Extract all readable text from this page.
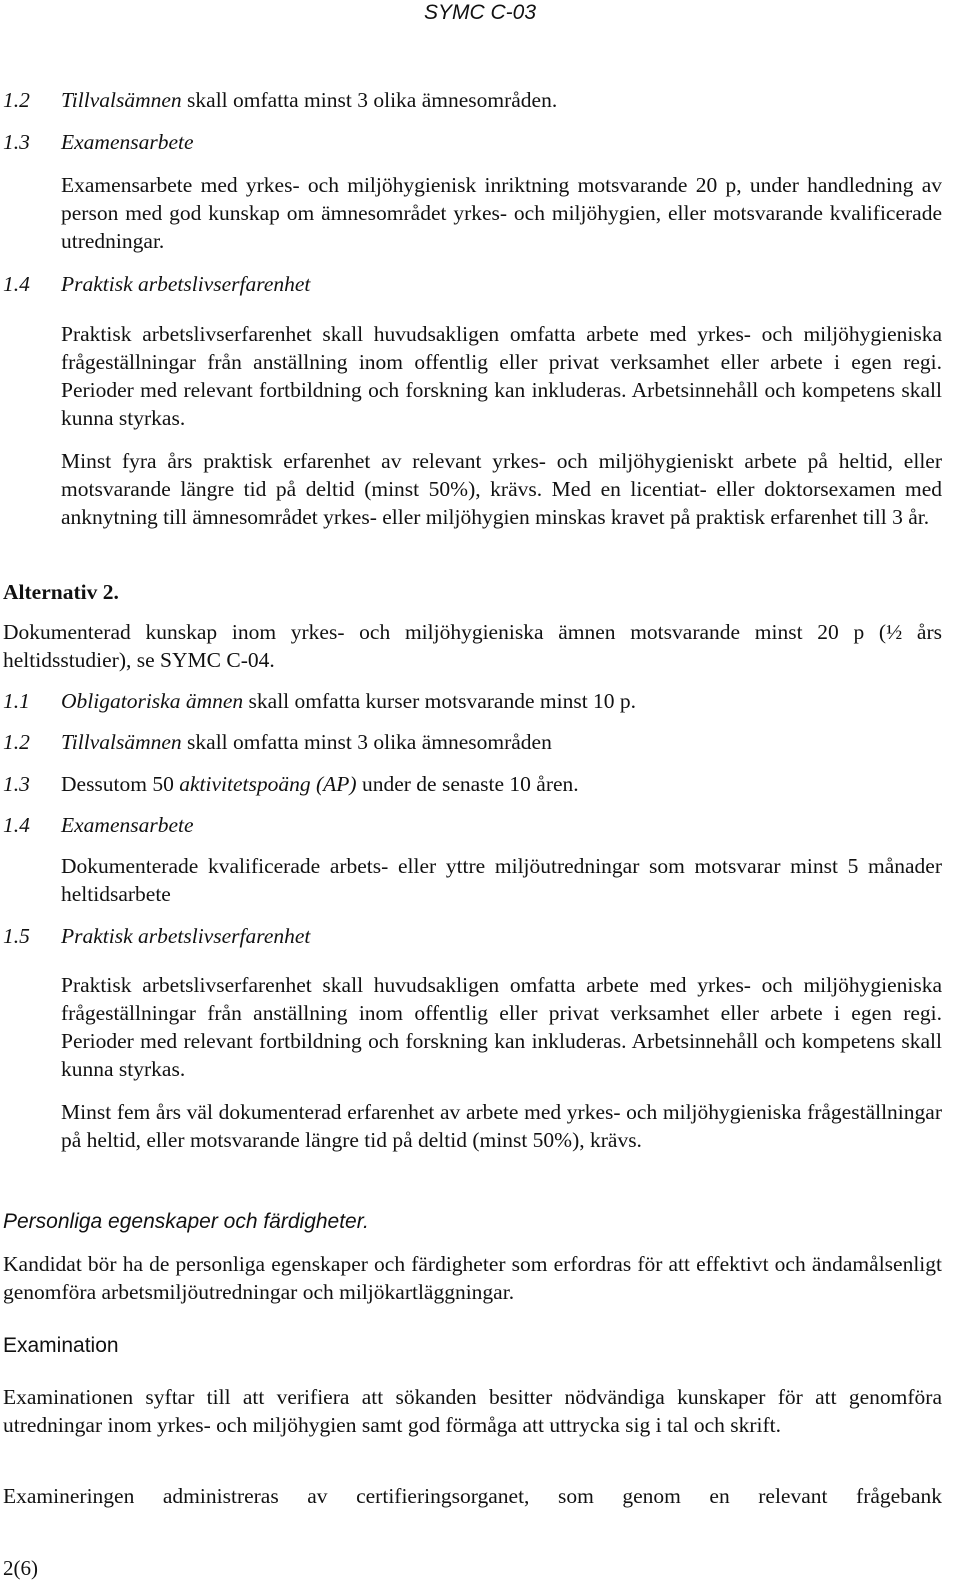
SYMC C-03
1.2 Tillvalsämnen skall omfatta minst 3 olika ämnesområden.
1.3 Examensarbete
Examensarbete med yrkes- och miljöhygienisk inriktning motsvarande 20 p, under handledning av person med god kunskap om ämnesområdet yrkes- och miljöhygien, eller motsvarande kvalificerade utredningar.
1.4 Praktisk arbetslivserfarenhet
Praktisk arbetslivserfarenhet skall huvudsakligen omfatta arbete med yrkes- och miljöhygieniska frågeställningar från anställning inom offentlig eller privat verksamhet eller arbete i egen regi. Perioder med relevant fortbildning och forskning kan inkluderas. Arbetsinnehåll och kompetens skall kunna styrkas.
Minst fyra års praktisk erfarenhet av relevant yrkes- och miljöhygieniskt arbete på heltid, eller motsvarande längre tid på deltid (minst 50%), krävs. Med en licentiat- eller doktorsexamen med anknytning till ämnesområdet yrkes- eller miljöhygien minskas kravet på praktisk erfarenhet till 3 år.
Alternativ 2.
Dokumenterad kunskap inom yrkes- och miljöhygieniska ämnen motsvarande minst 20 p (½ års heltidsstudier), se SYMC C-04.
1.1 Obligatoriska ämnen skall omfatta kurser motsvarande minst 10 p.
1.2 Tillvalsämnen skall omfatta minst 3 olika ämnesområden
1.3 Dessutom 50 aktivitetspoäng (AP) under de senaste 10 åren.
1.4 Examensarbete
Dokumenterade kvalificerade arbets- eller yttre miljöutredningar som motsvarar minst 5 månader heltidsarbete
1.5 Praktisk arbetslivserfarenhet
Praktisk arbetslivserfarenhet skall huvudsakligen omfatta arbete med yrkes- och miljöhygieniska frågeställningar från anställning inom offentlig eller privat verksamhet eller arbete i egen regi. Perioder med relevant fortbildning och forskning kan inkluderas. Arbetsinnehåll och kompetens skall kunna styrkas.
Minst fem års väl dokumenterad erfarenhet av arbete med yrkes- och miljöhygieniska frågeställningar på heltid, eller motsvarande längre tid på deltid (minst 50%), krävs.
Personliga egenskaper och färdigheter.
Kandidat bör ha de personliga egenskaper och färdigheter som erfordras för att effektivt och ändamålsenligt genomföra arbetsmiljöutredningar och miljökartläggningar.
Examination
Examinationen syftar till att verifiera att sökanden besitter nödvändiga kunskaper för att genomföra utredningar inom yrkes- och miljöhygien samt god förmåga att uttrycka sig i tal och skrift.
Examineringen administreras av certifieringsorganet, som genom en relevant frågebank
2(6)
